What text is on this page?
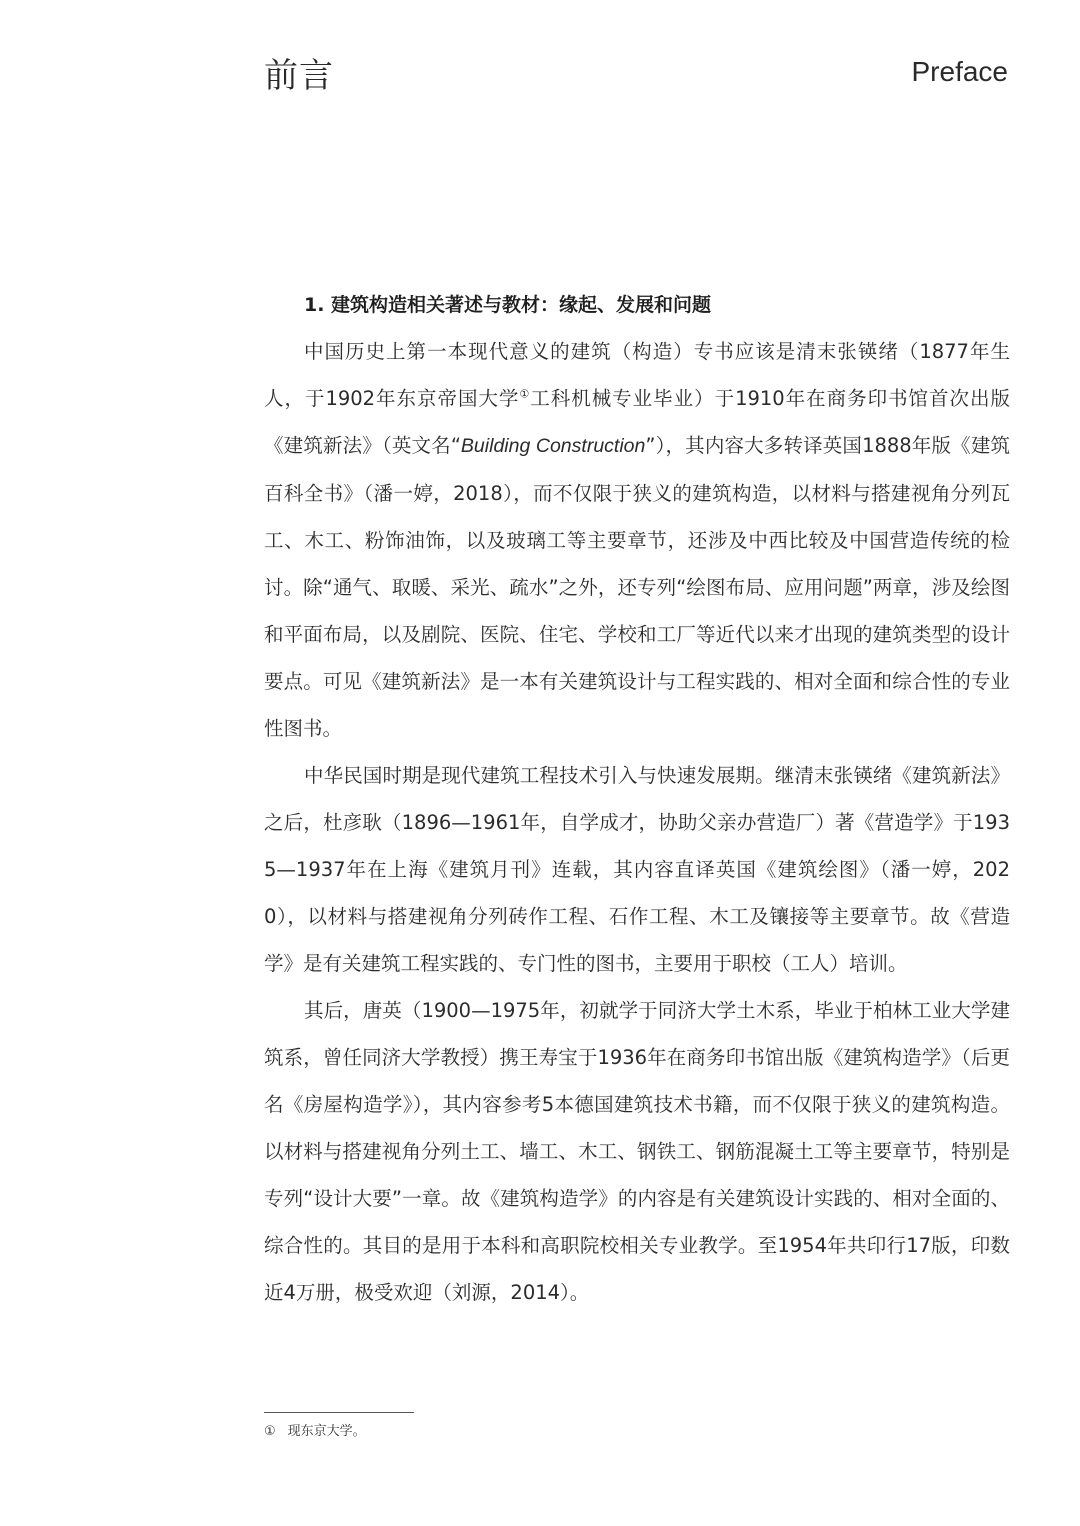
前言	Preface
1. 建筑构造相关著述与教材：缘起、发展和问题

中国历史上第一本现代意义的建筑（构造）专书应该是清末张锳绪（1877年生人，于1902年东京帝国大学①工科机械专业毕业）于1910年在商务印书馆首次出版《建筑新法》（英文名“Building Construction”），其内容大多转译英国1888年版《建筑百科全书》（潘一婷，2018），而不仅限于狭义的建筑构造，以材料与搭建视角分列瓦工、木工、粉饰油饰，以及玻璃工等主要章节，还涉及中西比较及中国营造传统的检讨。除“通气、取暖、采光、疏水”之外，还专列“绘图布局、应用问题”两章，涉及绘图和平面布局，以及剧院、医院、住宅、学校和工厂等近代以来才出现的建筑类型的设计要点。可见《建筑新法》是一本有关建筑设计与工程实践的、相对全面和综合性的专业性图书。

中华民国时期是现代建筑工程技术引入与快速发展期。继清末张锳绪《建筑新法》之后，杜彦耿（1896—1961年，自学成才，协助父亲办营造厂）著《营造学》于1935—1937年在上海《建筑月刊》连载，其内容直译英国《建筑绘图》（潘一婷，2020），以材料与搭建视角分列砖作工程、石作工程、木工及镶接等主要章节。故《营造学》是有关建筑工程实践的、专门性的图书，主要用于职校（工人）培训。

其后，唐英（1900—1975年，初就学于同济大学土木系，毕业于柏林工业大学建筑系，曾任同济大学教授）携王寿宝于1936年在商务印书馆出版《建筑构造学》（后更名《房屋构造学》），其内容参考5本德国建筑技术书籍，而不仅限于狭义的建筑构造。以材料与搭建视角分列土工、墙工、木工、钢铁工、钢筋混凝土工等主要章节，特别是专列“设计大要”一章。故《建筑构造学》的内容是有关建筑设计实践的、相对全面的、综合性的。其目的是用于本科和高职院校相关专业教学。至1954年共印行17版，印数近4万册，极受欢迎（刘源，2014）。

① 现东京大学。
